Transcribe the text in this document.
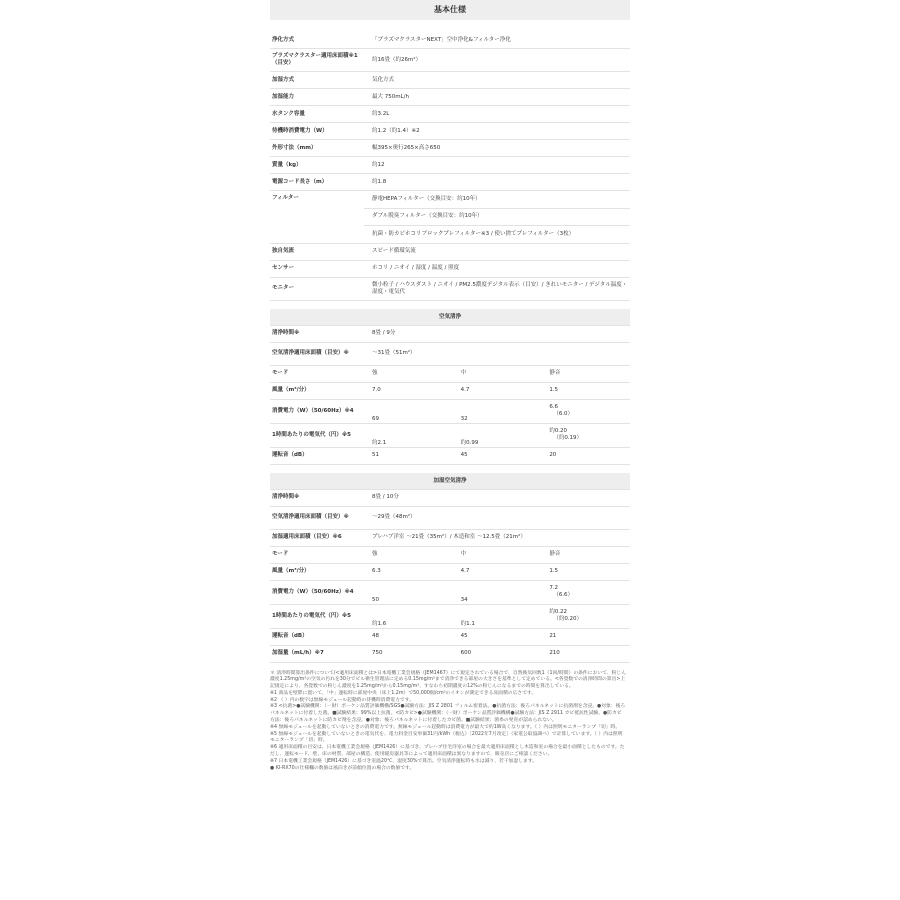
基本仕様
浄化方式	「プラズマクラスターNEXT」空中浄化&フィルター浄化
プラズマクラスター適用床面積※1（目安）	約16畳（約26m²）
加湿方式	気化方式
加湿能力	最大 750mL/h
水タンク容量	約3.2L
待機時消費電力（W）	約1.2（約1.4）※2
外形寸法（mm）	幅395×奥行265×高さ650
質量（kg）	約12
電源コード長さ（m）	約1.8
フィルター	静電HEPAフィルター（交換目安：約10年）
	ダブル脱臭フィルター（交換目安：約10年）
	抗菌・防カビホコリブロックプレフィルター※3 / 使い捨てプレフィルター（3枚）
独自気流	スピード循環気流
センサー	ホコリ / ニオイ / 湿度 / 温度 / 照度
モニター	微小粒子 / ハウスダスト / ニオイ / PM2.5濃度デジタル表示（目安）/ きれいモニター / デジタル温度・湿度・電気代
空気清浄
清浄時間※	8畳 / 9分		
空気清浄適用床面積（目安）※	～31畳（51m²）		
モード	強	中	静音
風量（m³/分）	7.0	4.7	1.5
消費電力（W）（50/60Hz）※4	69	32	6.6
（6.0）
1時間あたりの電気代（円）※5	約2.1	約0.99	約0.20
（約0.19）
運転音（dB）	51	45	20
加湿空気清浄
清浄時間※	8畳 / 10分		
空気清浄適用床面積（目安）※	～29畳（48m²）		
加湿適用床面積（目安）※6	プレハブ洋室 ～21畳（35m²）/ 木造和室 ～12.5畳（21m²）		
モード	強	中	静音
風量（m³/分）	6.3	4.7	1.5
消費電力（W）（50/60Hz）※4	50	34	7.2
（6.6）
1時間あたりの電気代（円）※5	約1.6	約1.1	約0.22
（約0.20）
運転音（dB）	48	45	21
加湿量（mL/h）※7	750	600	210

＊ 清浄時間算出条件について/<適用床面積とは>日本電機工業会規格（JEM1467）にて規定されている場合で、自然換気回数1（1回/時間）の条件において、粉じん濃度1.25mg/m³の空気の汚れを30分でビル衛生管理法に定める0.15mg/m³まで清浄できる部屋の大きさを基準として定めている。<各畳数での清浄時間の算出>上記規定により、各畳数での粉じん濃度を1.25mg/m³から0.15mg/m³、すなわち初期濃度の12%の粉じんになるまでの時間を算出している。

※1 商品を壁際に置いて、「中」運転時に部屋中央（床上1.2m）で50,000個/cm³のイオンが測定できる床面積の広さです。

※2 （ ）内の数字は無線モジュール起動時の待機時消費電力です。

※3 <抗菌>●試験機関：（一財）ボーケン品質評価機構/SGS●試験方法：JIS Z 2801 フィルム密着法。●抗菌方法：後ろパネルネットに抗菌剤を含浸。●対象：後ろパネルネットに付着した菌。■試験結果：99%以上抗菌。<防カビ>●試験機関：（一財）ボーケン品質評価機構●試験方法：JIS Z 2911 カビ抵抗性試験。●防カビ方法：後ろパネルネットに防カビ剤を含浸。●対象：後ろパネルネットに付着したカビ菌。■試験結果：菌糸の発育が認められない。

※4 無線モジュールを起動していないときの消費電力です。無線モジュール起動時は消費電力が最大で約1W高くなります。（ ）内は照明モニターランプ「切」時。

※5 無線モジュールを起動していないときの電気代を、電力料金目安単価31円/kWh（税込）［2022年7月改定］（家電公取協調べ）で計算しています。（ ）内は照明モニターランプ「切」時。

※6 適用床面積の目安は、日本電機工業会規格（JEM1426）に基づき、プレハブ住宅洋室の場合を最大適用床面積とし木造和室の場合を最小面積としたものです。ただし、運転モード、壁、床の材質、部屋の構造、使用暖房器具等によって適用床面積は異なりますので、販売店にご相談ください。

※7 日本電機工業会規格（JEM1426）に基づき室温20℃、湿度30%で算出。空気清浄運転時も水は減り、若干加湿します。

● KI-RX70の仕様欄の数値は風向きが前傾位置の場合の数値です。
